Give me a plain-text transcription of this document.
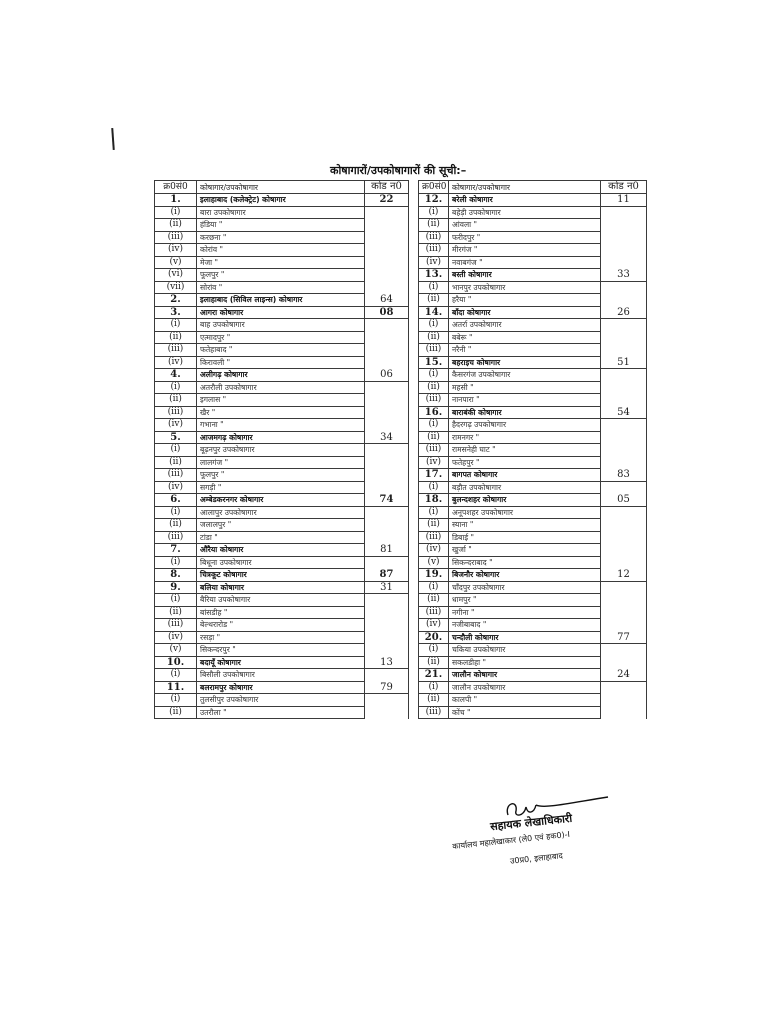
कोषागारों/उपकोषागारों की सूची:–
क्र0सं0	कोषागार/उपकोषागार	कोड न0
1.	इलाहाबाद (कलेक्ट्रेट) कोषागार	22
(i)	बारा उपकोषागार	
(ii)	हंडिया "	
(iii)	करछना "	
(iv)	कोरांव "	
(v)	मेजा "	
(vi)	फूलपुर "	
(vii)	सोरांव "	
2.	इलाहाबाद (सिविल लाइन्स) कोषागार	64
3.	आगरा कोषागार	08
(i)	बाह उपकोषागार	
(ii)	एत्मादपुर "	
(iii)	फतेहाबाद "	
(iv)	किरावली "	
4.	अलीगढ़ कोषागार	06
(i)	अतरौली उपकोषागार	
(ii)	इगलास "	
(iii)	खैर "	
(iv)	गभाना "	
5.	आजमगढ़ कोषागार	34
(i)	बूढ़नपुर उपकोषागार	
(ii)	लालगंज "	
(iii)	फूलपुर "	
(iv)	सगड़ी "	
6.	अम्बेडकरनगर कोषागार	74
(i)	आलापुर उपकोषागार	
(ii)	जलालपुर "	
(iii)	टांडा "	
7.	औरैया कोषागार	81
(i)	बिधूना उपकोषागार	
8.	चित्रकूट कोषागार	87
9.	बलिया कोषागार	31
(i)	बैरिया उपकोषागार	
(ii)	बांसडीह "	
(iii)	बेल्थरारोड "	
(iv)	रसड़ा "	
(v)	सिकन्दरपुर "	
10.	बदायूँ कोषागार	13
(i)	बिसौली उपकोषागार	
11.	बलरामपुर कोषागार	79
(i)	तुलसीपुर उपकोषागार	
(ii)	उतरौला "	
क्र0सं0	कोषागार/उपकोषागार	कोड न0
12.	बरेली कोषागार	11
(i)	बहेड़ी उपकोषागार	
(ii)	आंवला "	
(iii)	फरीदपुर "	
(iii)	मीरगंज "	
(iv)	नवाबगंज "	
13.	बस्ती कोषागार	33
(i)	भानपुर उपकोषागार	
(ii)	हरैया "	
14.	बाँदा कोषागार	26
(i)	अतर्रा उपकोषागार	
(ii)	बबेरू "	
(iii)	नरैनी "	
15.	बहराइच कोषागार	51
(i)	कैसरगंज उपकोषागार	
(ii)	महसी "	
(iii)	नानपारा "	
16.	बाराबंकी कोषागार	54
(i)	हैदरगढ़ उपकोषागार	
(ii)	रामनगर "	
(iii)	रामसनेही घाट "	
(iv)	फतेहपुर "	
17.	बागपत कोषागार	83
(i)	बड़ौत उपकोषागार	
18.	बुलन्दशहर कोषागार	05
(i)	अनूपशहर उपकोषागार	
(ii)	स्याना "	
(iii)	डिबाई "	
(iv)	खुर्जा "	
(v)	सिकन्दराबाद "	
19.	बिजनौर कोषागार	12
(i)	चाँदपुर उपकोषागार	
(ii)	धामपुर "	
(iii)	नगीना "	
(iv)	नजीबाबाद "	
20.	चन्दौली कोषागार	77
(i)	चकिया उपकोषागार	
(ii)	सकलडीहा "	
21.	जालौन कोषागार	24
(i)	जालौन उपकोषागार	
(ii)	कालपी "	
(iii)	कोंच "	
सहायक लेखाधिकारी
कार्यालय महालेखाकार (ले0 एवं हक0)-I
उ0प्र0, इलाहाबाद
